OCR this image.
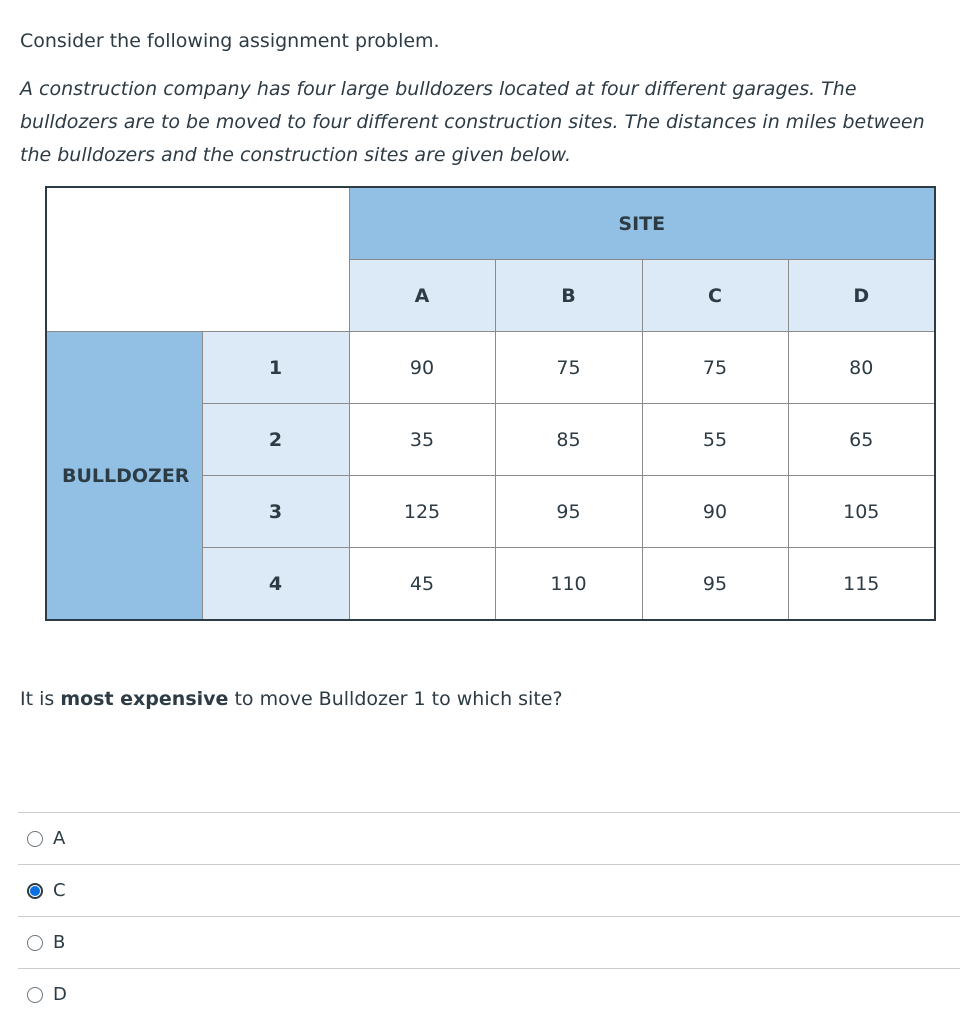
Consider the following assignment problem.

A construction company has four large bulldozers located at four different garages. The bulldozers are to be moved to four different construction sites. The distances in miles between the bulldozers and the construction sites are given below.

		SITE			
		A	B	C	D
BULLDOZER	1	90	75	75	80
	2	35	85	55	65
	3	125	95	90	105
	4	45	110	95	115

It is most expensive to move Bulldozer 1 to which site?

A
C
B
D
